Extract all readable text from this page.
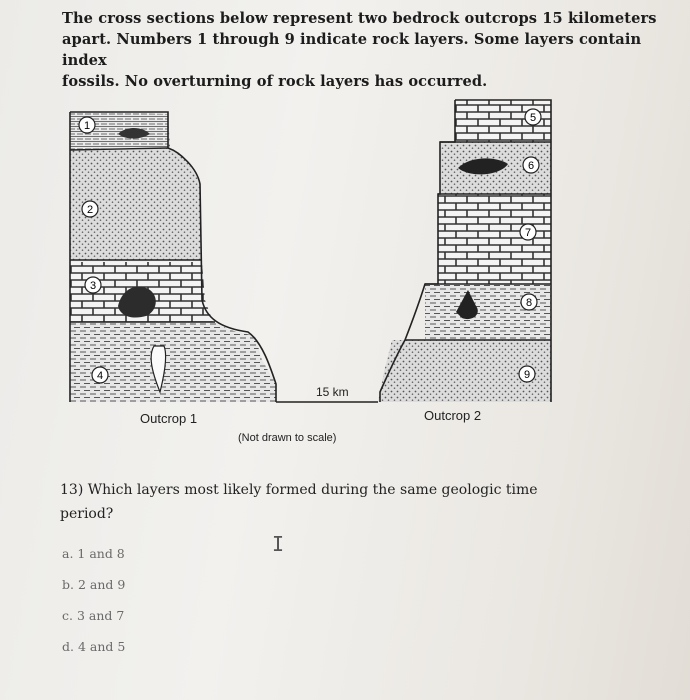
The cross sections below represent two bedrock outcrops 15 kilometers
apart. Numbers 1 through 9 indicate rock layers. Some layers contain index
fossils. No overturning of rock layers has occurred.
15 km
Outcrop 1	Outcrop 2
(Not drawn to scale)
1
2
3
4
5
6
7
8
9
13) Which layers most likely formed during the same geologic time
period?
a. 1 and 8
b. 2 and 9
c. 3 and 7
d. 4 and 5
I
